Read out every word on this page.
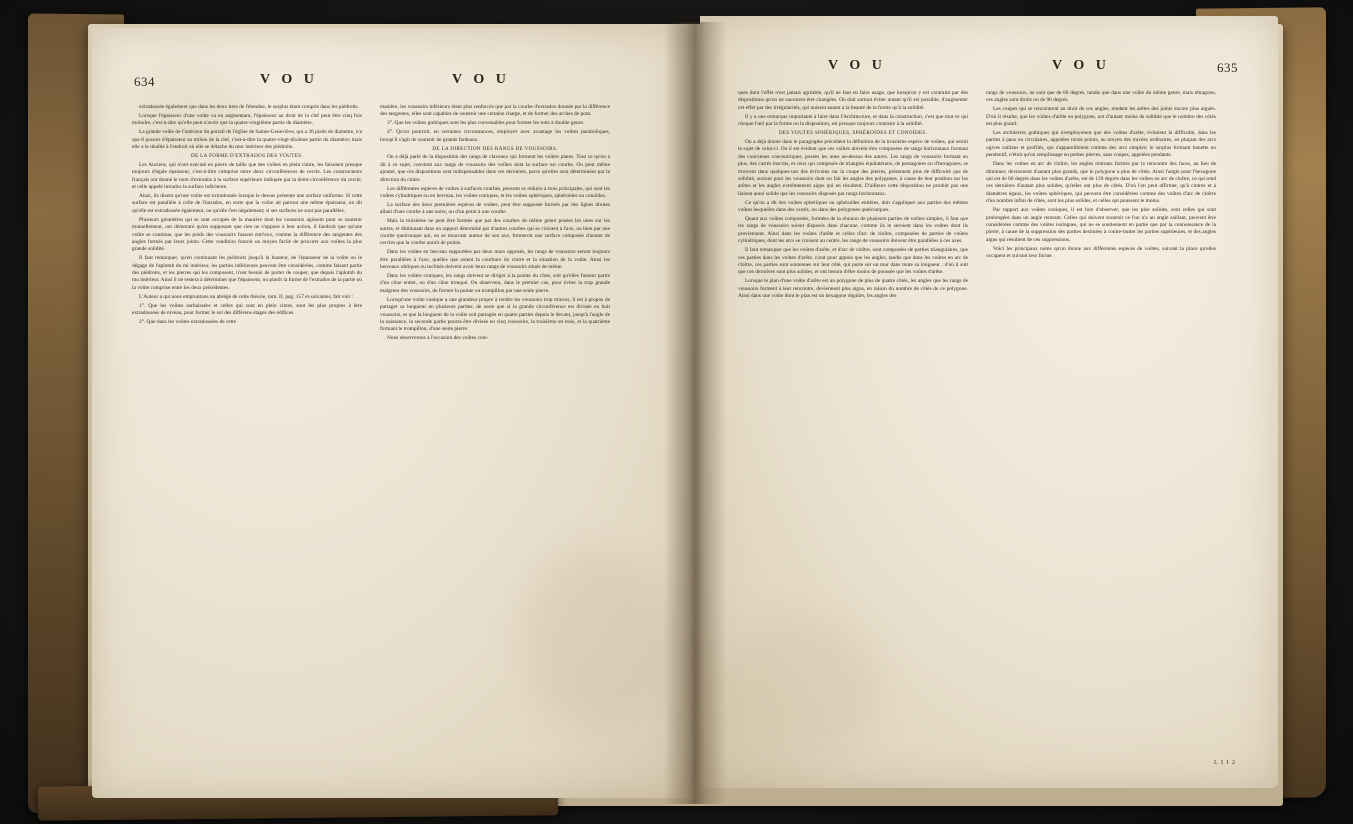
634	V O U	V O U

extradossée également que dans les deux tiers de l'étendue, le surplus étant compris dans les piédroits.

Lorsque l'épaisseur d'une voûte va en augmentant, l'épaisseur au droit de la clef peut être cinq fois moindre, c'est-à-dire qu'elle peut n'avoir que la quatre-vingtième partie du diamètre.

La grande voûte de l'intérieur du portail de l'église de Sainte-Geneviève, qui a 36 pieds de diamètre, n'a que 8 pouces d'épaisseur au milieu de la clef, c'est-à-dire la quatre-vingt-dixième partie du diamètre; mais elle a le double à l'endroit où elle se détache du mur intérieur des piédroits.

DE LA FORME D'EXTRADOS DES VOUTES.

Les Anciens, qui n'ont exécuté en pierre de taille que des voûtes en plein cintre, les faisoient presque toujours d'égale épaisseur, c'est-à-dire comprise entre deux circonférences de cercle. Les constructeurs français ont donné le nom d'extrados à la surface supérieure indiquée par la demi-circonférence du cercle, et celle appelé intrados la surface inférieure.

Ainsi, ils disent qu'une voûte est extradossée lorsque le dessus présente une surface uniforme. Si cette surface est parallèle à celle de l'intrados, en sorte que la voûte ait partout une même épaisseur, on dit qu'elle est extradossée également, ou qu'elle l'est négalement; si ses surfaces ne sont pas parallèles.

Plusieurs géomètres qui se sont occupés de la manière dont les voussoirs agissent pour se soutenir mutuellement, ont démontré qu'en supposant que rien ne s'oppose à leur action, il faudroit que qu'une voûte se continue, que les poids des voussoirs fussent entr'eux, comme la différence des tangentes des angles formés par leurs joints. Cette condition fournit un moyen facile de procurer aux voûtes la plus grande solidité.

Il faut remarquer, qu'en continuant les piédroits jusqu'à la hauteur, de l'épaisseur de la voûte ou le dégage de l'aplomb du mi intérieur, les parties inférieures peuvent être considérées, comme faisant partie des piédroits, et les pierres qui les composent, n'ont besoin de porter de couper, que depuis l'aplomb du mu intérieur. Ainsi il ne restera à déterminer que l'épaisseur, ou plutôt la forme de l'extrados de la partie où la voûte comprise entre les deux précédentes.

L'Auteur a qui nous empruntons un abrégé de cette théorie, tom. II, pag. 157 et suivantes, fait voir :

1°. Que les voûtes surbaissées et celles qui sont en plein cintre, sont les plus propres à être extradossées de niveau, pour former le sol des différens étages des édifices.

2°. Que dans les voûtes extradossées de cette

manière, les voussoirs inférieurs étant plus renforcés que par la courbe d'extrados donnée par la différence des tangentes, elles sont capables de soutenir une certaine charge, et de former des arches de pont.

3°. Que les voûtes gothiques sont les plus convenables pour former les toits à double genre.

4°. Qu'on pourroit, en certaines circonstances, employer avec avantage les voûtes paraboliques, lorsqu'il s'agit de soutenir de grands fardeaux.

DE LA DIRECTION DES RANGS DE VOUSSOIRS.

On a déjà parlé de la disposition des rangs de claveaux qui forment les voûtes plates. Tout ce qu'on a dit à ce sujet, convient aux rangs de voussoirs des voûtes dont la surface est courbe. On peut même ajouter, que ces dispositions sont indispensables dans ces dernières, parce qu'elles sont déterminées par la direction du cintre.

Les différentes espèces de voûtes à surfaces courbes, peuvent se réduire à trois principales, qui sont les voûtes cylindriques ou en berceau, les voûtes coniques, et les voûtes sphériques, sphéroïdes ou conoïdes.

La surface des deux premières espèces de voûtes, peut être supposée formée par des lignes droites allant d'une courbe à une autre, ou d'un point à une courbe.

Mais la troisième ne peut être formée que par des courbes de même genre posées les unes sur les autres, et diminuant dans un rapport déterminé par d'autres courbes qui se croisent à l'axe, ou bien par une courbe quelconque qui, en se mouvant autour de son axe, formeroit une surface composée d'autant de cercles que la courbe auroit de points.

Dans les voûtes en berceau supportées par deux murs opposés, les rangs de voussoirs seront toujours être parallèles à l'axe, quelles que soient la courbure du cintre et la situation de la voûte. Ainsi les berceaux obliques ou inclinés doivent avoir leurs rangs de voussoirs situés de même.

Dans les voûtes coniques, les rangs doivent se diriger à la pointe du cône, soit qu'elles fussent partie d'un cône entier, ou d'un cône tronqué. On observera, dans le premier cas, pour éviter la trop grande maigreur des voussoirs, de former la pointe ou trompillon par une seule pierre.

Lorsqu'une voûte conique a une grandeur propre à rendre les voussoirs trop minces, il est à propos de partager sa longueur en plusieurs parties; de sorte que si la grande circonférence est divisée en huit voussoirs, et que la longueur de la voûte soit partagée en quatre parties depuis le devant, jusqu'à l'angle de la naissance, la seconde partie pourra être divisée en cinq voussoirs, la troisième en trois, et la quatrième formant le trompillon, d'une seule pierre.

Nous observerons à l'occasion des voûtes coni-

V O U	V O U	635

ques dont l'effet n'est jamais agréable, qu'il ne faut en faire usage, que lorsqu'on y est contraint par des dispositions qu'on ne sauroient être changées. On doit surtout éviter autant qu'il est possible, d'augmenter cet effet par des irrégularités, qui nuisent autant à la beauté de la forme qu'à la solidité.

Il y a une remarque importante à faire dans l'Architecture, et dans la construction, c'est que tout ce qui choque l'œil par la forme ou la disposition, est presque toujours contraire à la solidité.

DES VOUTES SPHÉRIQUES, SPHÉROÏDES ET CONOÏDES.

On a déjà donné dans le paragraphe précédent la définition de la troisième espèce de voûtes, qui seroit le sujet de celui-ci. On il est évident que ces voûtes doivent être composées de rangs horizontaux formant des couronnes concentriques, posées les unes au-dessus des autres. Les rangs de voussoirs formant en plus, des carrés inscrits, et ceux qui composés de triangles équilatéraux, de pentagones ou d'hexagones, se trouvent dans quelques-uns des écrivains sur la coupe des pierres, présentent plus de difficulté que de solidité, surtout pour les voussoirs dont on fait les angles des polygones, à cause de leur position sur les arêtes et les angles extrêmement aigus qui en résultent. D'ailleurs cette disposition ne produit pas une liaison aussi solide que les voussoirs disposés par rangs horizontaux.

Ce qu'on a dit des voûtes sphériques ou sphéroïdes entières, doit s'appliquer aux parties des mêmes voûtes lesquelles dans des carrés, ou dans des polygones quelconques.

Quant aux voûtes composées, formées de la réunion de plusieurs parties de voûtes simples, il faut que les rangs de voussoirs soient disposés dans chacune, comme ils le seroient dans les voûtes dont ils proviennent. Ainsi dans les voûtes d'arête et celles d'arc de cloître, composées de parties de voûtes cylindriques, dont les arcs se croisent au centre, les rangs de voussoirs doivent être parallèles à ces axes.

Il faut remarquer que les voûtes d'arête, et d'arc de cloître, sont composées de parties triangulaires, que ces parties dans les voûtes d'arête, n'ont pour appuis que les angles, tandis que dans les voûtes en arc de cloître, ces parties sont soutenues sur leur côté, qui porte sur un mur dans toute sa longueur : d'où il suit que ces dernières sont plus solides, et ont besoin d'être moins de poussée que les voûtes d'arête.

Lorsque le plan d'une voûte d'arête est un polygone de plus de quatre côtés, les angles que les rangs de voussoirs forment à leur rencontre, deviennent plus aigus, en raison du nombre de côtés de ce polygone. Ainsi dans une voûte dont le plan est un hexagone régulier, les angles des

rangs de voussoirs, ne sont que de 60 degrés, tandis que dans une voûte du même genre, mais tétragone, ces angles sont droits ou de 90 degrés.

Les coupes qui se rencontrent au droit de ces angles, rendent les arêtes des joints encore plus aiguës. D'où il résulte, que les voûtes d'arête en polygone, ont d'autant moins de solidité que le nombre des côtés est plus grand.

Les architectes gothiques qui n'employoient que des voûtes d'arête, évitoient la difficulté, dans les parties à pans ou circulaires, appelées ronds points, au moyen des travées ordinaires, en plaçant des arcs ogives saillans et profilés, qui s'appareilloient comme des arcs simples; le surplus formant banette ou pendentif, n'étoit qu'un remplissage en petites pierres, sans coupes, appelées pendants.

Dans les voûtes en arc de cloître, les angles rentrans formés par la rencontre des faces, au lieu de diminuer, deviennent d'autant plus grands, que le polygone a plus de côtés. Ainsi l'angle pour l'hexagone qui est de 60 degrés dans les voûtes d'arête, est de 120 degrés dans les voûtes en arc de cloître, ce qui rend ces dernières d'autant plus solides, qu'elles ont plus de côtés. D'où l'on peut affirmer, qu'à cintres et à diamètres égaux, les voûtes sphériques, qui peuvent être considérées comme des voûtes d'arc de cloître d'un nombre infini de côtés, sont les plus solides, et celles qui poussent le moins.

Par rapport aux voûtes coniques, il est bon d'observer, que les plus solides, sont celles qui sont prolongées dans un angle rentrant. Celles qui doivent soutenir ce l'on n'a un angle saillant, peuvent être considérées comme des voûtes isologues, qui ne se soutiennent en partie que par la connoissance de la pierre, à cause de la suppression des parties destinées à contre-butter les parties supérieures, et des angles aigus qui résultent de ces suppressions.

Voici les principaux noms qu'on donne aux différentes espèces de voûtes, suivant la place qu'elles occupent et suivant leur forme.

L I I 2
